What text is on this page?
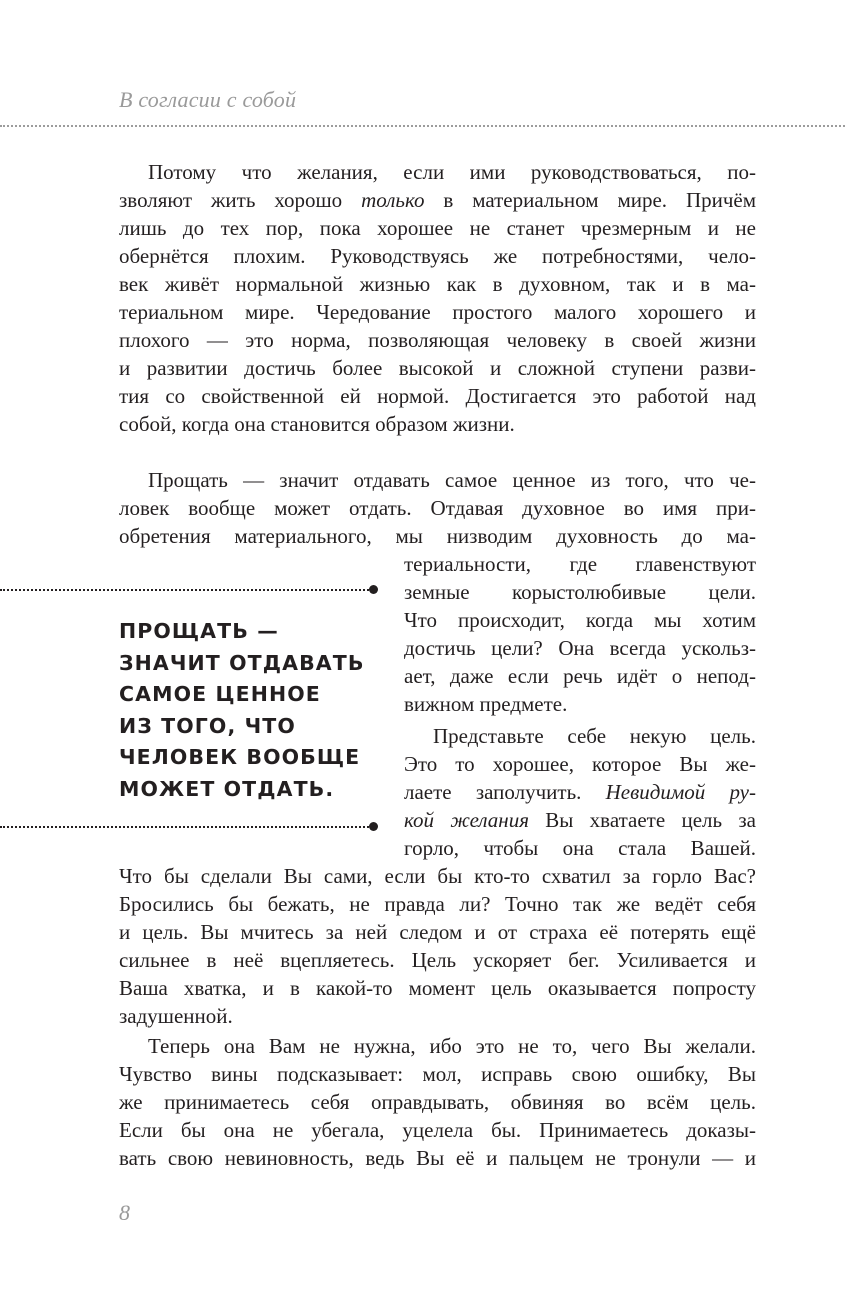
В согласии с собой
Потому что желания, если ими руководствоваться, по-
зволяют жить хорошо только в материальном мире. Причём
лишь до тех пор, пока хорошее не станет чрезмерным и не
обернётся плохим. Руководствуясь же потребностями, чело-
век живёт нормальной жизнью как в духовном, так и в ма-
териальном мире. Чередование простого малого хорошего и
плохого — это норма, позволяющая человеку в своей жизни
и развитии достичь более высокой и сложной ступени разви-
тия со свойственной ей нормой. Достигается это работой над
собой, когда она становится образом жизни.
Прощать — значит отдавать самое ценное из того, что че-
ловек вообще может отдать. Отдавая духовное во имя при-
обретения материального, мы низводим духовность до ма-
териальности, где главенствуют
земные корыстолюбивые цели.
Что происходит, когда мы хотим
достичь цели? Она всегда ускольз-
ает, даже если речь идёт о непод-
вижном предмете.
ПРОЩАТЬ —
ЗНАЧИТ ОТДАВАТЬ
САМОЕ ЦЕННОЕ
ИЗ ТОГО, ЧТО
ЧЕЛОВЕК ВООБЩЕ
МОЖЕТ ОТДАТЬ.
Представьте себе некую цель.
Это то хорошее, которое Вы же-
лаете заполучить. Невидимой ру-
кой желания Вы хватаете цель за
горло, чтобы она стала Вашей.
Что бы сделали Вы сами, если бы кто-то схватил за горло Вас?
Бросились бы бежать, не правда ли? Точно так же ведёт себя
и цель. Вы мчитесь за ней следом и от страха её потерять ещё
сильнее в неё вцепляетесь. Цель ускоряет бег. Усиливается и
Ваша хватка, и в какой-то момент цель оказывается попросту
задушенной.
Теперь она Вам не нужна, ибо это не то, чего Вы желали.
Чувство вины подсказывает: мол, исправь свою ошибку, Вы
же принимаетесь себя оправдывать, обвиняя во всём цель.
Если бы она не убегала, уцелела бы. Принимаетесь доказы-
вать свою невиновность, ведь Вы её и пальцем не тронули — и
8
